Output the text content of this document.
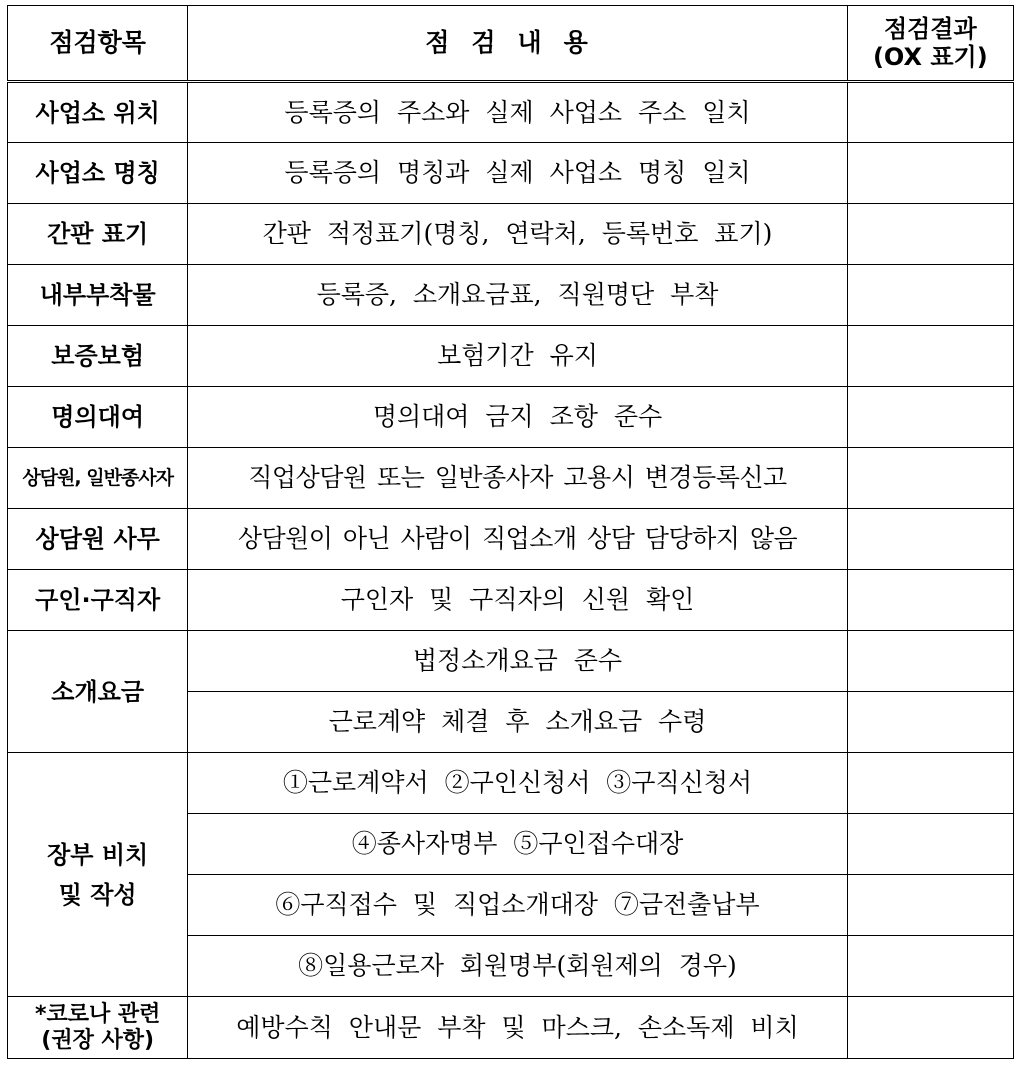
점검항목	점검내용	점검결과
(OX 표기)
사업소 위치	등록증의 주소와 실제 사업소 주소 일치	
사업소 명칭	등록증의 명칭과 실제 사업소 명칭 일치	
간판 표기	간판 적정표기(명칭, 연락처, 등록번호 표기)	
내부부착물	등록증, 소개요금표, 직원명단 부착	
보증보험	보험기간 유지	
명의대여	명의대여 금지 조항 준수	
상담원, 일반종사자	직업상담원 또는 일반종사자 고용시 변경등록신고	
상담원 사무	상담원이 아닌 사람이 직업소개 상담 담당하지 않음	
구인·구직자	구인자 및 구직자의 신원 확인	
소개요금	법정소개요금 준수	
	근로계약 체결 후 소개요금 수령	
장부 비치
및 작성	①근로계약서 ②구인신청서 ③구직신청서	
	④종사자명부 ⑤구인접수대장	
	⑥구직접수 및 직업소개대장 ⑦금전출납부	
	⑧일용근로자 회원명부(회원제의 경우)	
*코로나 관련
(권장 사항)	예방수칙 안내문 부착 및 마스크, 손소독제 비치	
